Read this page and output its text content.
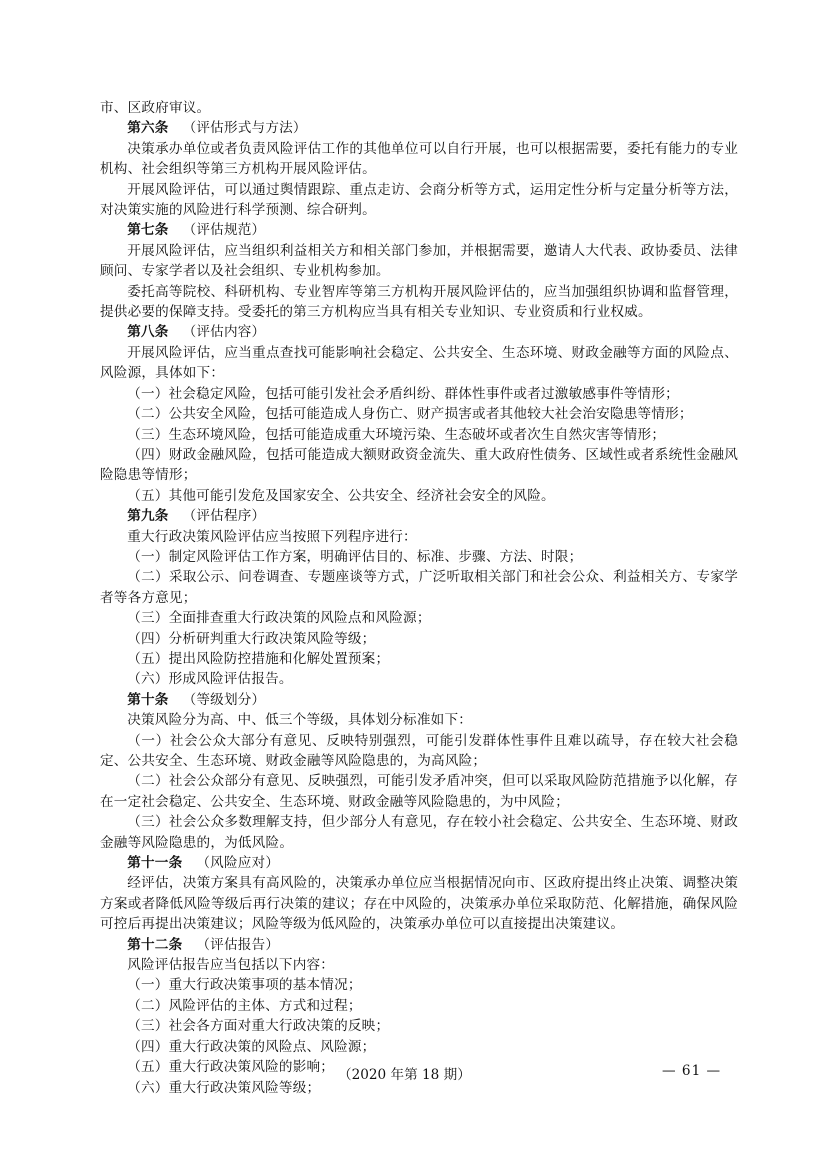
市、区政府审议。

第六条 （评估形式与方法）

决策承办单位或者负责风险评估工作的其他单位可以自行开展，也可以根据需要，委托有能力的专业机构、社会组织等第三方机构开展风险评估。

开展风险评估，可以通过舆情跟踪、重点走访、会商分析等方式，运用定性分析与定量分析等方法，对决策实施的风险进行科学预测、综合研判。

第七条 （评估规范）

开展风险评估，应当组织利益相关方和相关部门参加，并根据需要，邀请人大代表、政协委员、法律顾问、专家学者以及社会组织、专业机构参加。

委托高等院校、科研机构、专业智库等第三方机构开展风险评估的，应当加强组织协调和监督管理，提供必要的保障支持。受委托的第三方机构应当具有相关专业知识、专业资质和行业权威。

第八条 （评估内容）

开展风险评估，应当重点查找可能影响社会稳定、公共安全、生态环境、财政金融等方面的风险点、风险源，具体如下：

（一）社会稳定风险，包括可能引发社会矛盾纠纷、群体性事件或者过激敏感事件等情形；

（二）公共安全风险，包括可能造成人身伤亡、财产损害或者其他较大社会治安隐患等情形；

（三）生态环境风险，包括可能造成重大环境污染、生态破坏或者次生自然灾害等情形；

（四）财政金融风险，包括可能造成大额财政资金流失、重大政府性债务、区域性或者系统性金融风险隐患等情形；

（五）其他可能引发危及国家安全、公共安全、经济社会安全的风险。

第九条 （评估程序）

重大行政决策风险评估应当按照下列程序进行：

（一）制定风险评估工作方案，明确评估目的、标准、步骤、方法、时限；

（二）采取公示、问卷调查、专题座谈等方式，广泛听取相关部门和社会公众、利益相关方、专家学者等各方意见；

（三）全面排查重大行政决策的风险点和风险源；

（四）分析研判重大行政决策风险等级；

（五）提出风险防控措施和化解处置预案；

（六）形成风险评估报告。

第十条 （等级划分）

决策风险分为高、中、低三个等级，具体划分标准如下：

（一）社会公众大部分有意见、反映特别强烈，可能引发群体性事件且难以疏导，存在较大社会稳定、公共安全、生态环境、财政金融等风险隐患的，为高风险；

（二）社会公众部分有意见、反映强烈，可能引发矛盾冲突，但可以采取风险防范措施予以化解，存在一定社会稳定、公共安全、生态环境、财政金融等风险隐患的，为中风险；

（三）社会公众多数理解支持，但少部分人有意见，存在较小社会稳定、公共安全、生态环境、财政金融等风险隐患的，为低风险。

第十一条 （风险应对）

经评估，决策方案具有高风险的，决策承办单位应当根据情况向市、区政府提出终止决策、调整决策方案或者降低风险等级后再行决策的建议；存在中风险的，决策承办单位采取防范、化解措施，确保风险可控后再提出决策建议；风险等级为低风险的，决策承办单位可以直接提出决策建议。

第十二条 （评估报告）

风险评估报告应当包括以下内容：

（一）重大行政决策事项的基本情况；

（二）风险评估的主体、方式和过程；

（三）社会各方面对重大行政决策的反映；

（四）重大行政决策的风险点、风险源；

（五）重大行政决策风险的影响；

（六）重大行政决策风险等级；

（2020 年第 18 期）	— 61 —
